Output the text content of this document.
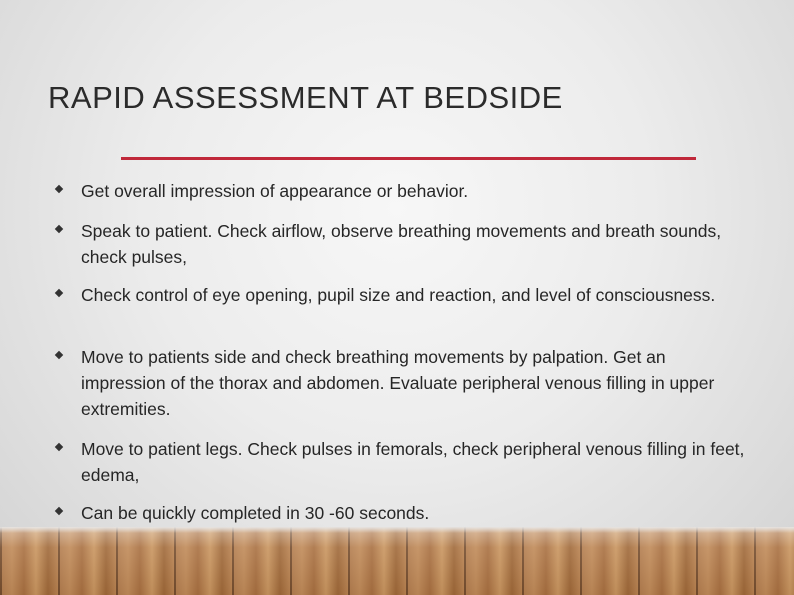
RAPID ASSESSMENT AT BEDSIDE
Get overall impression of appearance or behavior.
Speak to patient. Check airflow, observe breathing movements and breath sounds, check pulses,
Check control of eye opening, pupil size and reaction, and level of consciousness.
Move to patients side and check breathing movements by palpation. Get an impression of the thorax and abdomen. Evaluate peripheral venous filling in upper extremities.
Move to patient legs. Check pulses in femorals, check peripheral venous filling in feet, edema,
Can be quickly completed in 30 -60 seconds.
